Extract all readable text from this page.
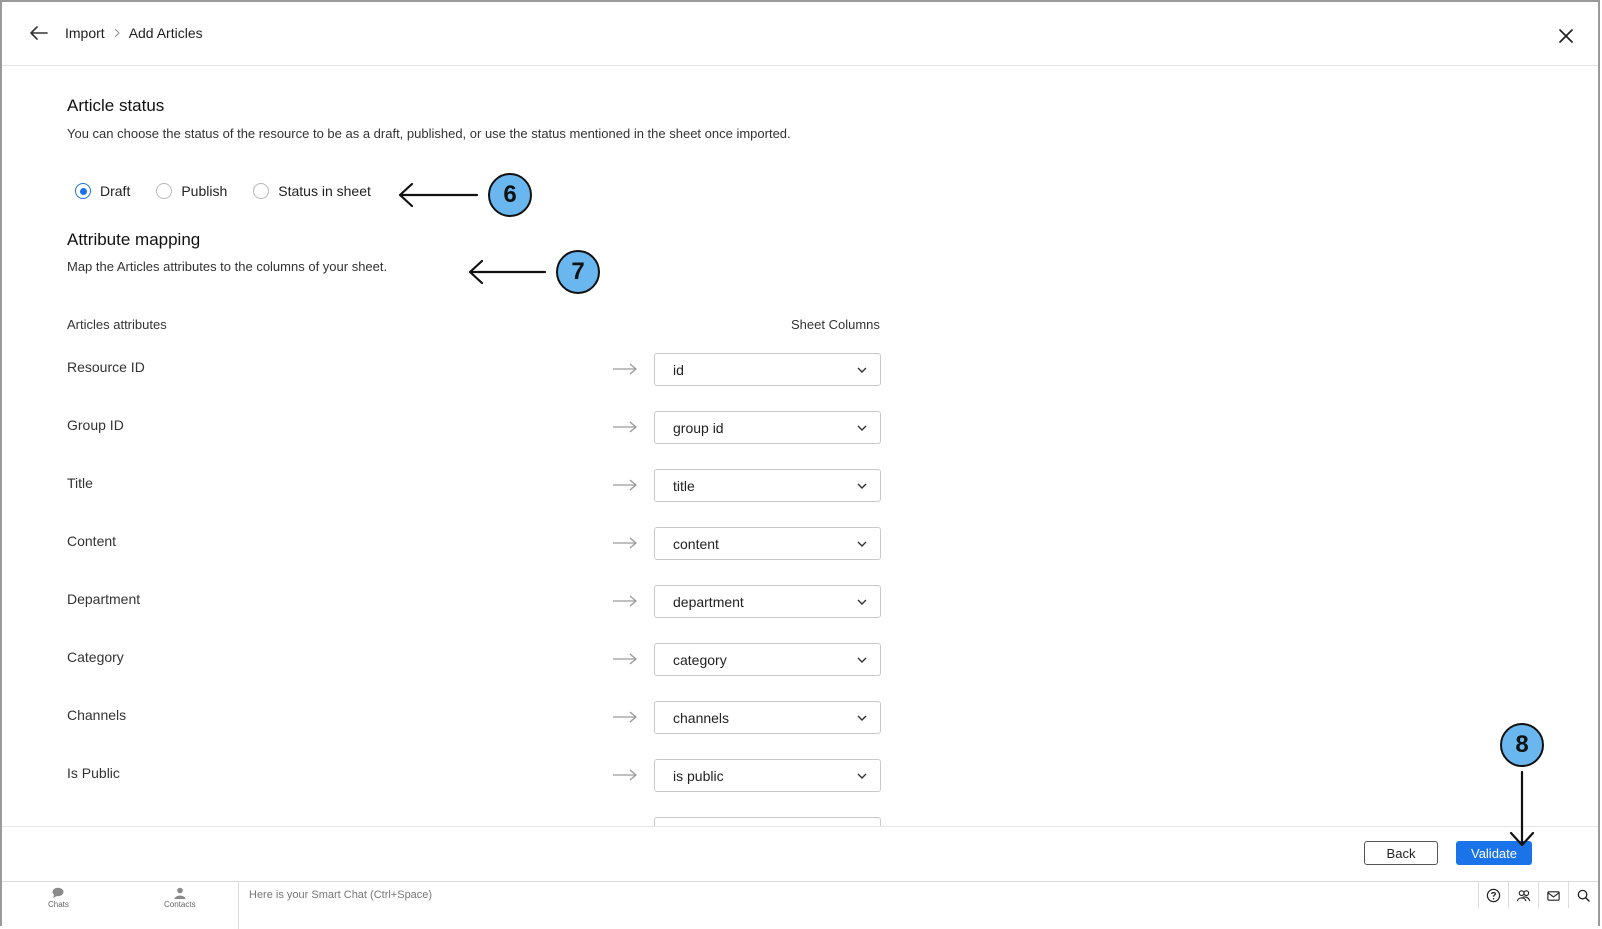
Import Add Articles
Article status

You can choose the status of the resource to be as a draft, published, or use the status mentioned in the sheet once imported.

Draft	Publish	Status in sheet
Attribute mapping

Map the Articles attributes to the columns of your sheet.

Articles attributes	Sheet Columns
Resource ID	id
Group ID	group id
Title	title
Content	content
Department	department
Category	category
Channels	channels
Is Public	is public
Back	Validate
Chats	Contacts
Here is your Smart Chat (Ctrl+Space)
6
7
8
